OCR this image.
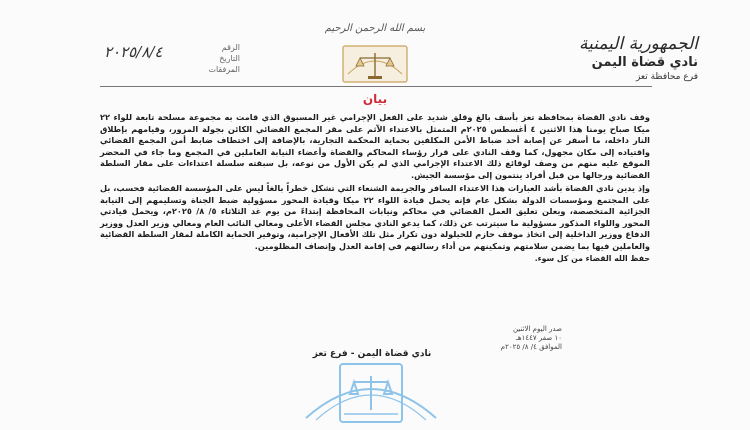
الجمهورية اليمنية
نادي قضاة اليمن
فرع محافظة تعز
بسم الله الرحمن الرحيم
الرقم
التاريخ
٢٠٢٥/٨/٤
المرفقات
بيان

وقف نادي القضاة بمحافظة تعز بأسف بالغ وقلق شديد على الفعل الإجرامي غير المسبوق الذي قامت به مجموعة مسلحة تابعة للواء ٢٢ ميكا صباح يومنا هذا الاثنين ٤ أغسطس ٢٠٢٥م المتمثل بالاعتداء الآثم على مقر المجمع القضائي الكائن بجولة المرور، وقيامهم بإطلاق النار داخله، ما أسفر عن إصابة أحد ضباط الأمن المكلفين بحماية المحكمة التجارية، بالإضافة إلى اختطاف ضابط أمن المجمع القضائي واقتياده إلى مكان مجهول، كما وقف النادي على قرار رؤساء المحاكم والقضاة وأعضاء النيابة العاملين في المجمع وما جاء في المحضر الموقع عليه منهم من وصف لوقائع ذلك الاعتداء الإجرامي الذي لم يكن الأول من نوعه، بل سبقته سلسلة اعتداءات على مقار السلطة القضائية ورجالها من قبل أفراد ينتمون إلى مؤسسة الجيش.

وإذ يدين نادي القضاة بأشد العبارات هذا الاعتداء السافر والجريمة الشنعاء التي تشكل خطراً بالغاً ليس على المؤسسة القضائية فحسب، بل على المجتمع ومؤسسات الدولة بشكل عام فإنه يحمل قيادة اللواء ٢٢ ميكا وقيادة المحور مسؤولية ضبط الجناة وتسليمهم إلى النيابة الجزائية المتخصصة، ويعلن تعليق العمل القضائي في محاكم ونيابات المحافظة إبتداءً من يوم غد الثلاثاء ٥/ ٨/ ٢٠٢٥م، ويحمل قيادتي المحور واللواء المذكور مسؤولية ما سيترتب عن ذلك، كما يدعو النادي مجلس القضاء الأعلى ومعالي النائب العام ومعالي وزير العدل ووزير الدفاع ووزير الداخلية إلى اتخاذ موقف حازم للحيلولة دون تكرار مثل تلك الأفعال الإجرامية، وتوفير الحماية الكاملة لمقار السلطة القضائية والعاملين فيها بما يضمن سلامتهم وتمكينهم من أداء رسالتهم في إقامة العدل وإنصاف المظلومين.

حفظ الله القضاء من كل سوء.

صدر اليوم الاثنين
١٠ صفر ١٤٤٧هـ
الموافق ٤/ ٨/ ٢٠٢٥م
نادي قضاة اليمن - فرع تعز
